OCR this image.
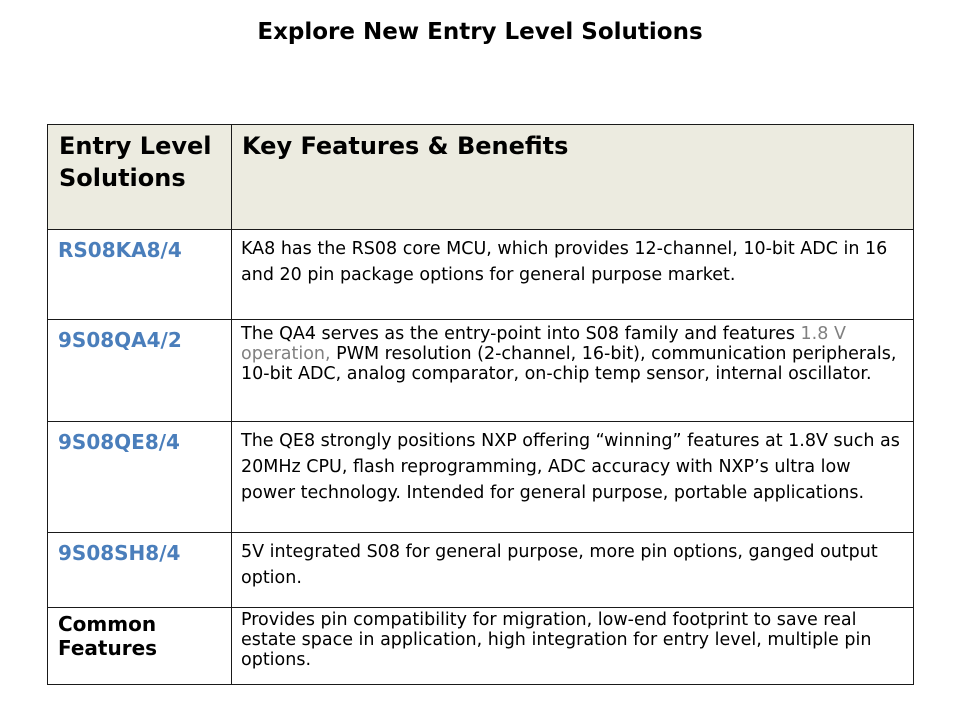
Explore New Entry Level Solutions
Entry Level Solutions	Key Features & Benefits
RS08KA8/4	KA8 has the RS08 core MCU, which provides 12-channel, 10-bit ADC in 16 and 20 pin package options for general purpose market.
9S08QA4/2	The QA4 serves as the entry-point into S08 family and features 1.8 V operation, PWM resolution (2-channel, 16-bit), communication peripherals, 10-bit ADC, analog comparator, on-chip temp sensor, internal oscillator.
9S08QE8/4	The QE8 strongly positions NXP offering “winning” features at 1.8V such as 20MHz CPU, flash reprogramming, ADC accuracy with NXP’s ultra low power technology. Intended for general purpose, portable applications.
9S08SH8/4	5V integrated S08 for general purpose, more pin options, ganged output option.
Common Features	Provides pin compatibility for migration, low-end footprint to save real estate space in application, high integration for entry level, multiple pin options.
